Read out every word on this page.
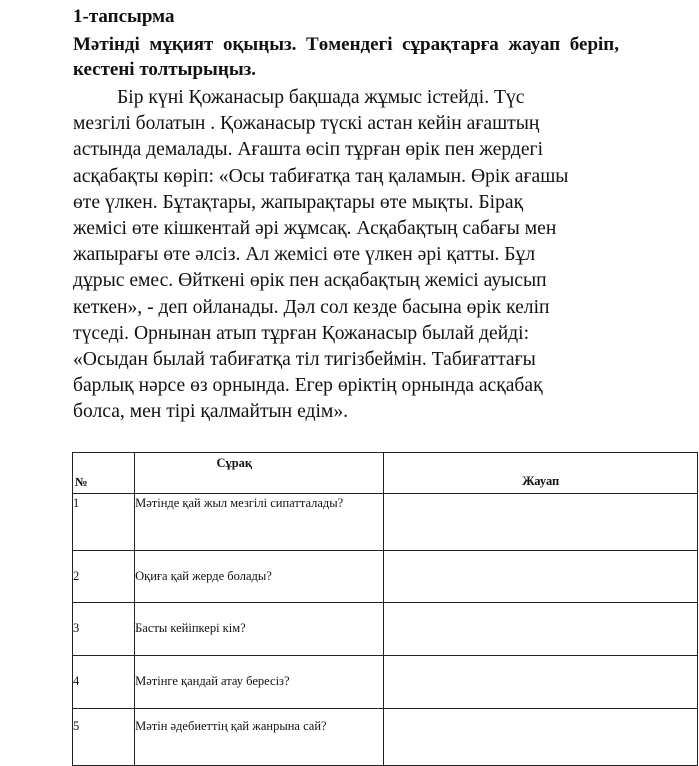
1-тапсырма

Мәтінді мұқият оқыңыз. Төмендегі сұрақтарға жауап беріп, кестені толтырыңыз.

Бір күні Қожанасыр бақшада жұмыс істейді. Түс
мезгілі болатын . Қожанасыр түскі астан кейін ағаштың
астында демалады. Ағашта өсіп тұрған өрік пен жердегі
асқабақты көріп: «Осы табиғатқа таң қаламын. Өрік ағашы
өте үлкен. Бұтақтары, жапырақтары өте мықты. Бірақ
жемісі өте кішкентай әрі жұмсақ. Асқабақтың сабағы мен
жапырағы өте әлсіз. Ал жемісі өте үлкен әрі қатты. Бұл
дұрыс емес. Өйткені өрік пен асқабақтың жемісі ауысып
кеткен», - деп ойланады. Дәл сол кезде басына өрік келіп
түседі. Орнынан атып тұрған Қожанасыр былай дейді:
«Осыдан былай табиғатқа тіл тигізбеймін. Табиғаттағы
барлық нәрсе өз орнында. Егер өріктің орнында асқабақ
болса, мен тірі қалмайтын едім».

№	Сұрақ	Жауап

1	Мәтінде қай жыл мезгілі сипатталады?	
2	Оқиға қай жерде болады?	
3	Басты кейіпкері кім?	
4	Мәтінге қандай атау бересіз?	
5	Мәтін әдебиеттің қай жанрына сай?	
